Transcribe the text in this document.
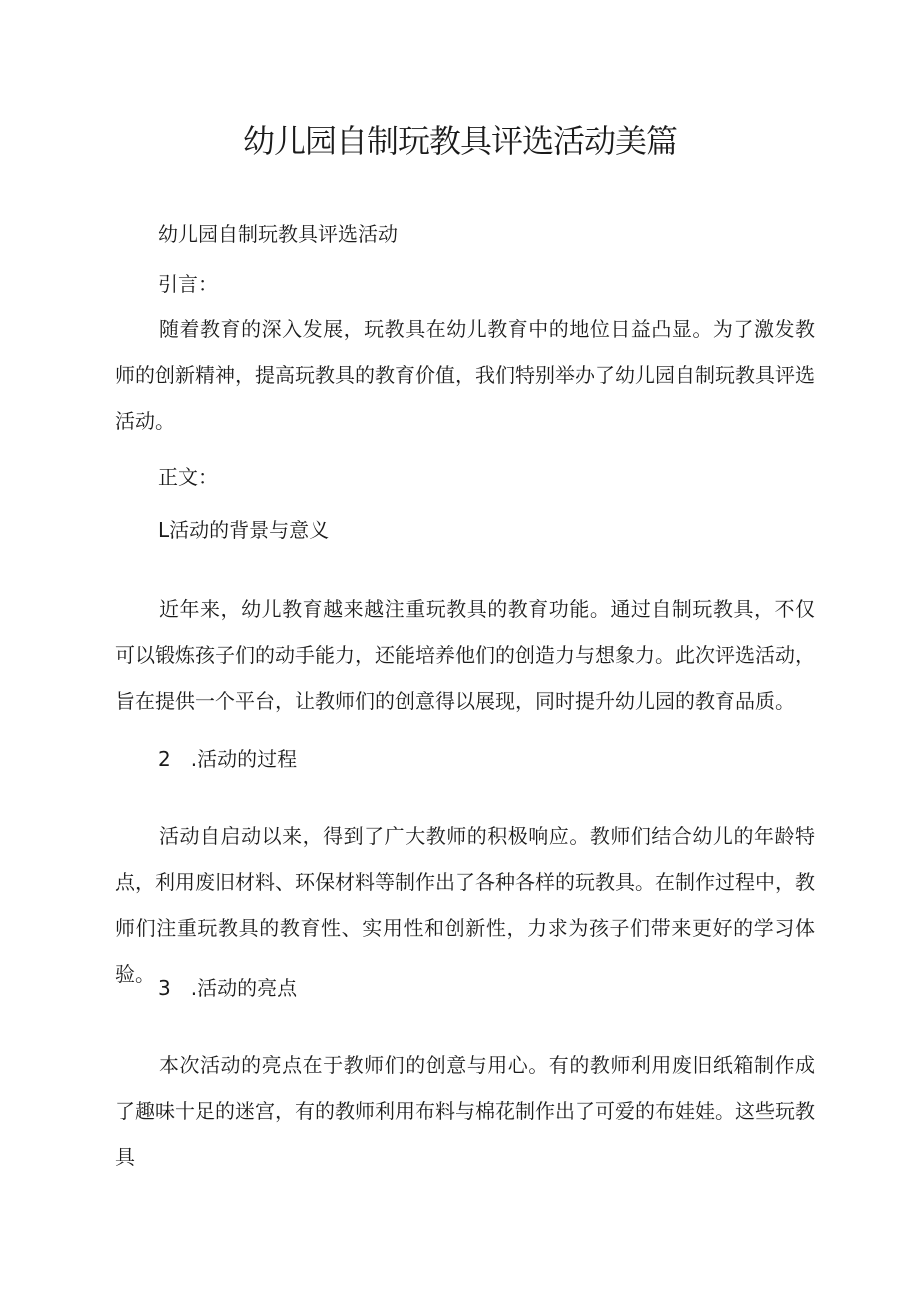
幼儿园自制玩教具评选活动美篇

幼儿园自制玩教具评选活动

引言：

随着教育的深入发展，玩教具在幼儿教育中的地位日益凸显。为了激发教师的创新精神，提高玩教具的教育价值，我们特别举办了幼儿园自制玩教具评选活动。

正文：

L活动的背景与意义

近年来，幼儿教育越来越注重玩教具的教育功能。通过自制玩教具，不仅可以锻炼孩子们的动手能力，还能培养他们的创造力与想象力。此次评选活动，旨在提供一个平台，让教师们的创意得以展现，同时提升幼儿园的教育品质。

2　.活动的过程

活动自启动以来，得到了广大教师的积极响应。教师们结合幼儿的年龄特点，利用废旧材料、环保材料等制作出了各种各样的玩教具。在制作过程中，教师们注重玩教具的教育性、实用性和创新性，力求为孩子们带来更好的学习体验。

3　.活动的亮点

本次活动的亮点在于教师们的创意与用心。有的教师利用废旧纸箱制作成了趣味十足的迷宫，有的教师利用布料与棉花制作出了可爱的布娃娃。这些玩教具
